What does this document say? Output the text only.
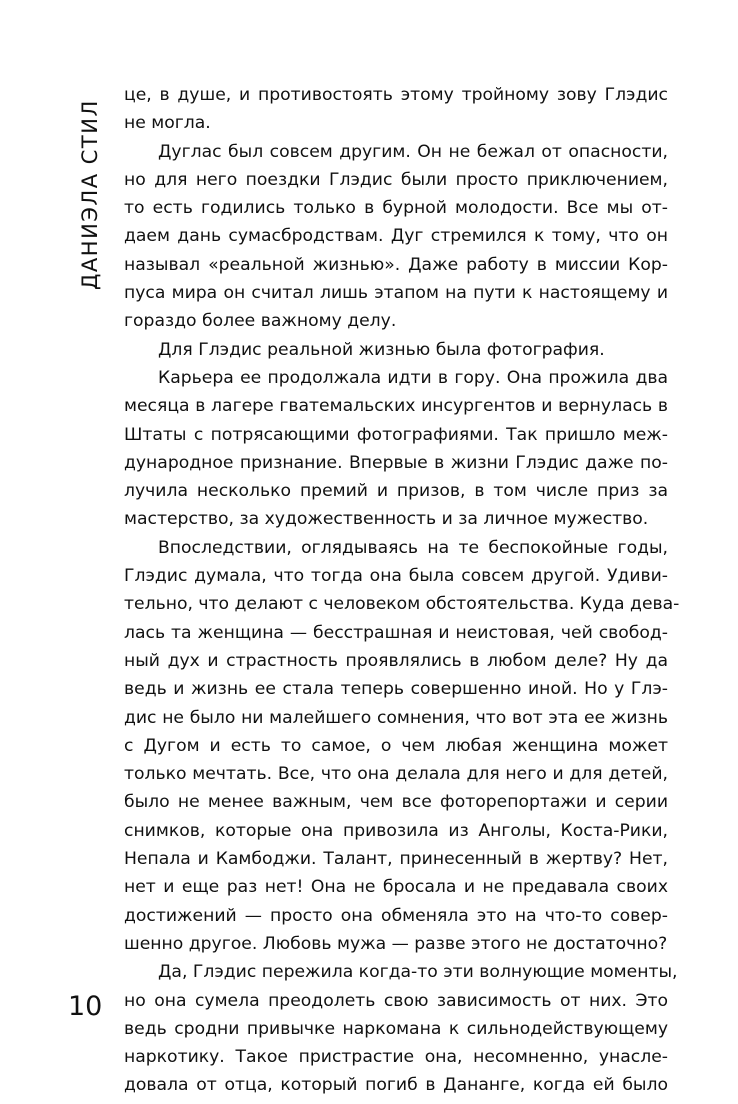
ДАНИЭЛА СТИЛ
це, в душе, и противостоять этому тройному зову Глэдис
не могла.
Дуглас был совсем другим. Он не бежал от опасности,
но для него поездки Глэдис были просто приключением,
то есть годились только в бурной молодости. Все мы от-
даем дань сумасбродствам. Дуг стремился к тому, что он
называл «реальной жизнью». Даже работу в миссии Кор-
пуса мира он считал лишь этапом на пути к настоящему и
гораздо более важному делу.
Для Глэдис реальной жизнью была фотография.
Карьера ее продолжала идти в гору. Она прожила два
месяца в лагере гватемальских инсургентов и вернулась в
Штаты с потрясающими фотографиями. Так пришло меж-
дународное признание. Впервые в жизни Глэдис даже по-
лучила несколько премий и призов, в том числе приз за
мастерство, за художественность и за личное мужество.
Впоследствии, оглядываясь на те беспокойные годы,
Глэдис думала, что тогда она была совсем другой. Удиви-
тельно, что делают с человеком обстоятельства. Куда дева-
лась та женщина — бесстрашная и неистовая, чей свобод-
ный дух и страстность проявлялись в любом деле? Ну да
ведь и жизнь ее стала теперь совершенно иной. Но у Глэ-
дис не было ни малейшего сомнения, что вот эта ее жизнь
с Дугом и есть то самое, о чем любая женщина может
только мечтать. Все, что она делала для него и для детей,
было не менее важным, чем все фоторепортажи и серии
снимков, которые она привозила из Анголы, Коста-Рики,
Непала и Камбоджи. Талант, принесенный в жертву? Нет,
нет и еще раз нет! Она не бросала и не предавала своих
достижений — просто она обменяла это на что-то совер-
шенно другое. Любовь мужа — разве этого не достаточно?
Да, Глэдис пережила когда-то эти волнующие моменты,
но она сумела преодолеть свою зависимость от них. Это
ведь сродни привычке наркомана к сильнодействующему
наркотику. Такое пристрастие она, несомненно, унасле-
довала от отца, который погиб в Дананге, когда ей было
10
